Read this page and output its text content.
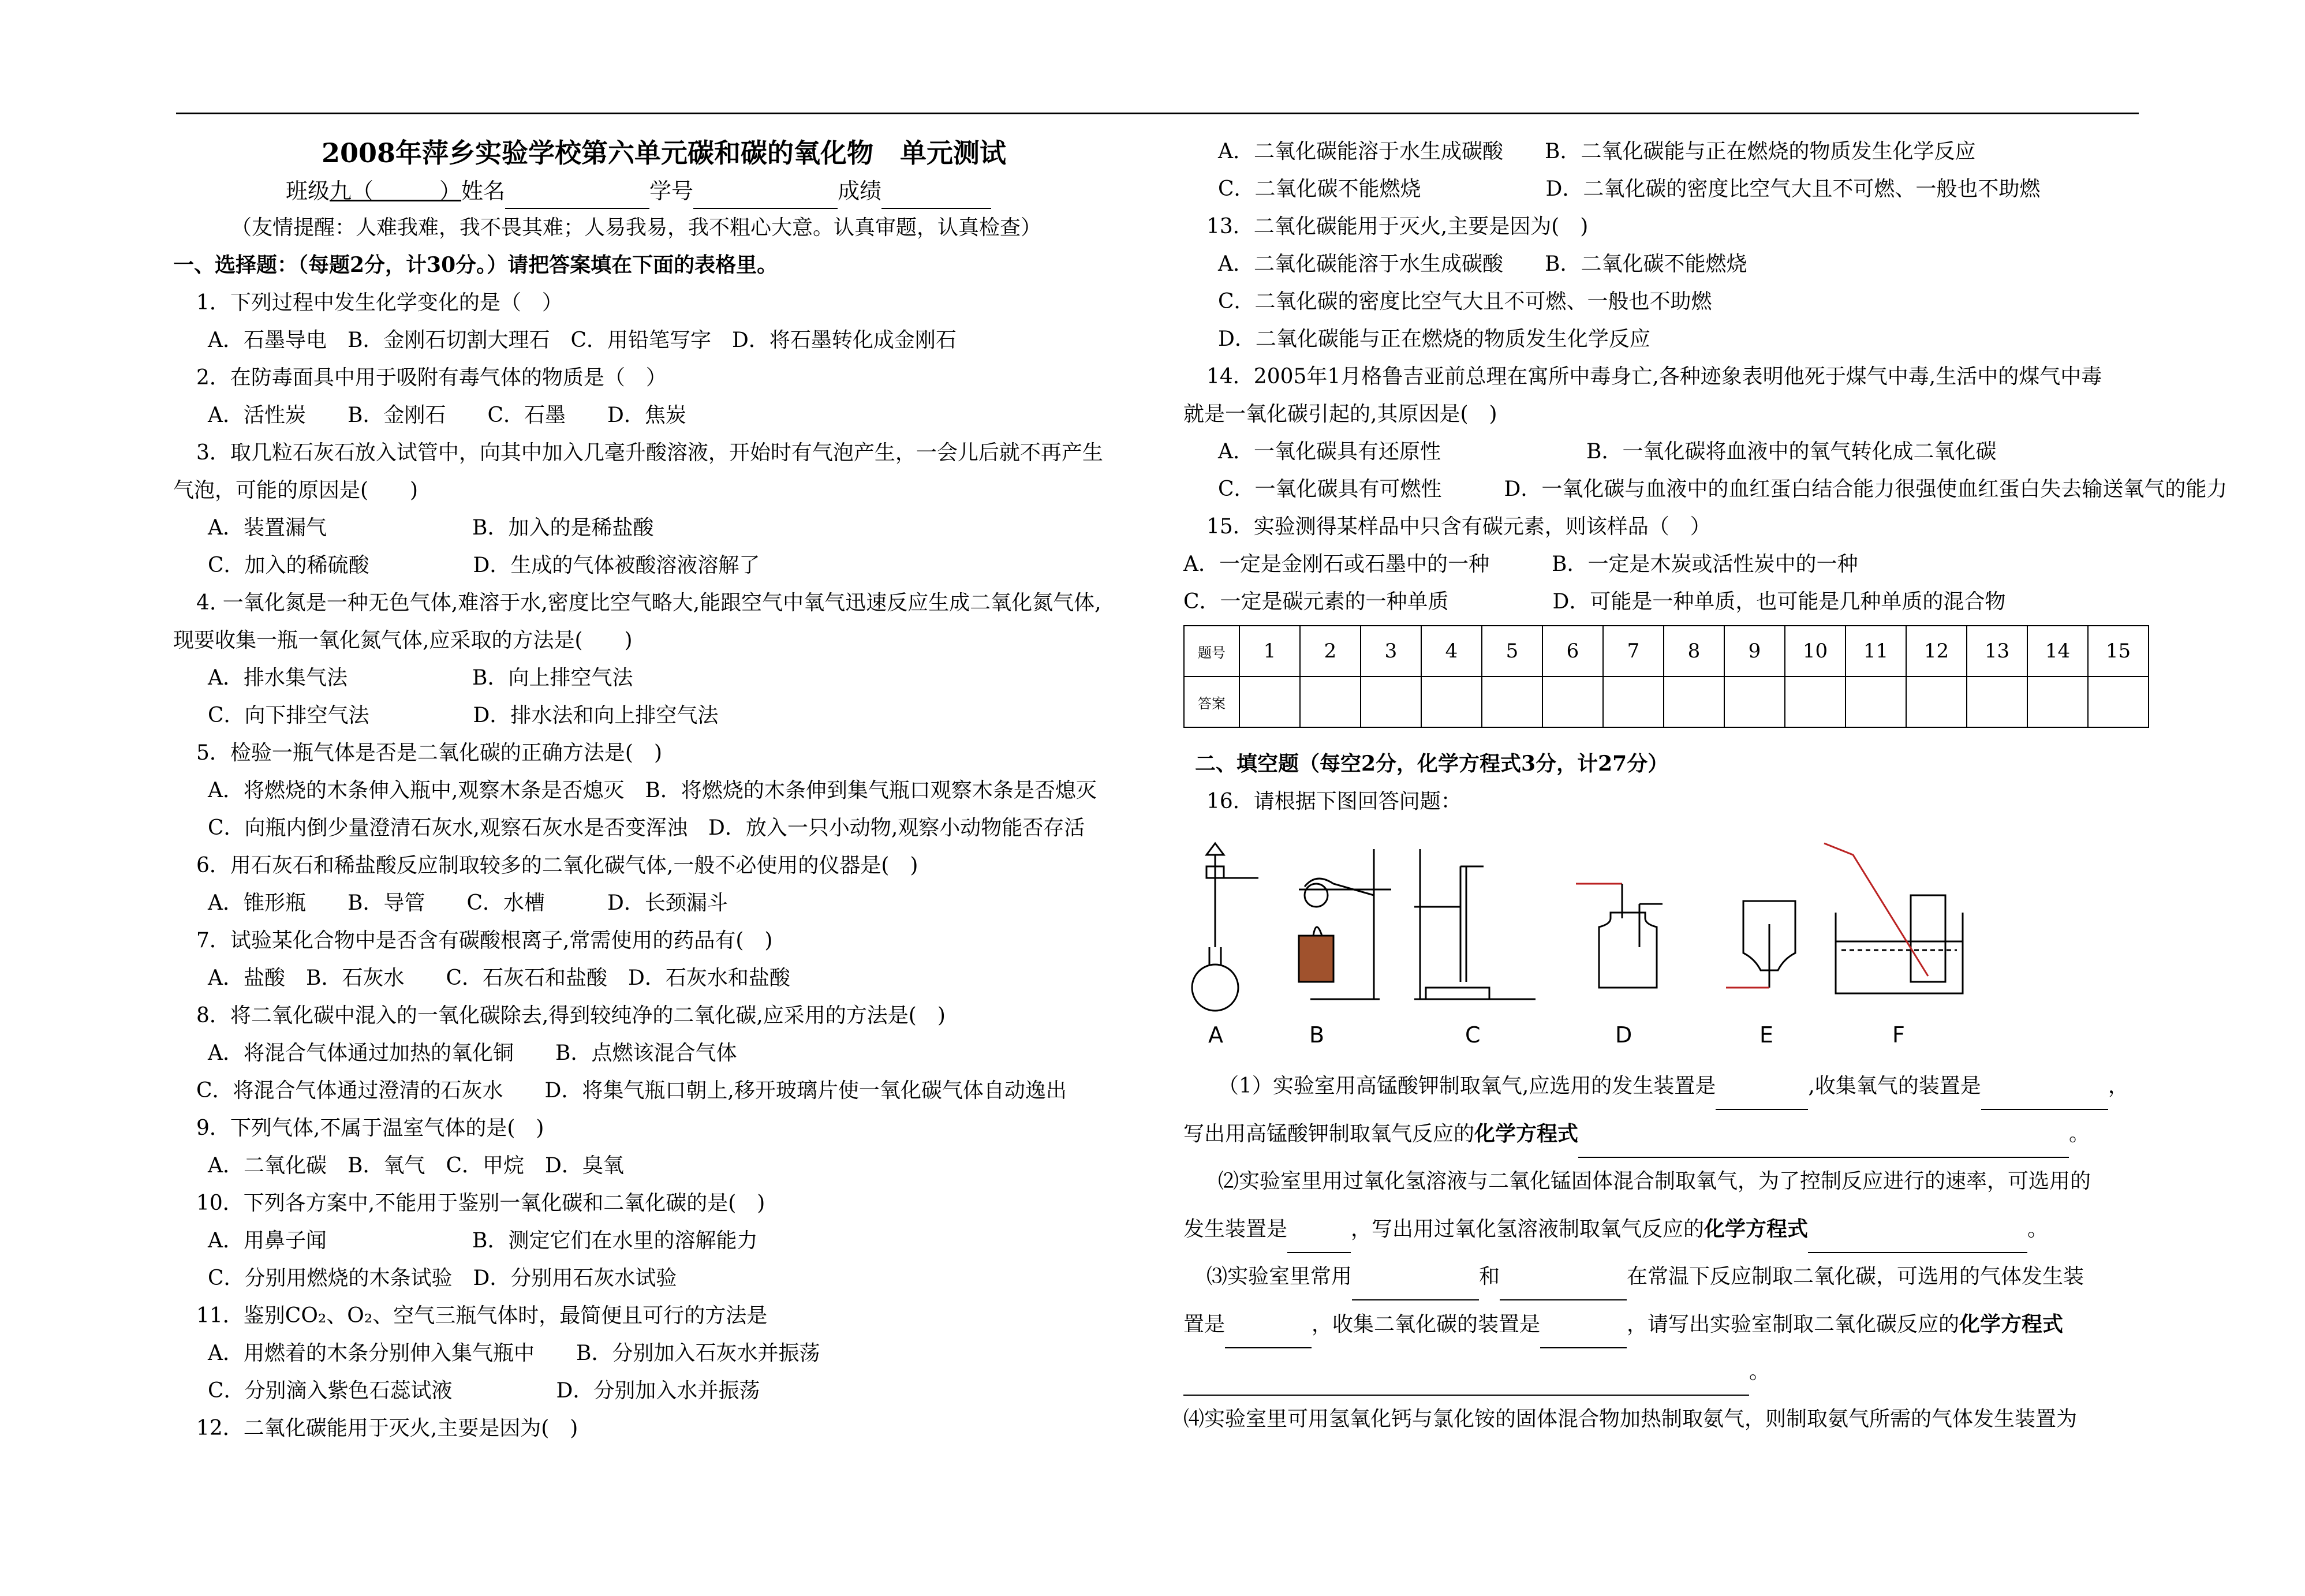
2008年萍乡实验学校第六单元碳和碳的氧化物　单元测试
班级九（　　　）姓名	学号	成绩
（友情提醒：人难我难，我不畏其难；人易我易，我不粗心大意。认真审题，认真检查）
一、选择题：（每题2分，计30分。）请把答案填在下面的表格里。
1．下列过程中发生化学变化的是（　）
A．石墨导电　B．金刚石切割大理石　C．用铅笔写字　D．将石墨转化成金刚石
2．在防毒面具中用于吸附有毒气体的物质是（　）
A．活性炭　　B．金刚石　　C．石墨　　D．焦炭
3．取几粒石灰石放入试管中，向其中加入几毫升酸溶液，开始时有气泡产生，一会儿后就不再产生
气泡，可能的原因是(　　)
A．装置漏气　　　　　　　B．加入的是稀盐酸
C．加入的稀硫酸　　　　　D．生成的气体被酸溶液溶解了
4. 一氧化氮是一种无色气体,难溶于水,密度比空气略大,能跟空气中氧气迅速反应生成二氧化氮气体,
现要收集一瓶一氧化氮气体,应采取的方法是(　　)
A．排水集气法　　　　　　B．向上排空气法
C．向下排空气法　　　　　D．排水法和向上排空气法
5．检验一瓶气体是否是二氧化碳的正确方法是(　)
A．将燃烧的木条伸入瓶中,观察木条是否熄灭　B．将燃烧的木条伸到集气瓶口观察木条是否熄灭
C．向瓶内倒少量澄清石灰水,观察石灰水是否变浑浊　D．放入一只小动物,观察小动物能否存活
6．用石灰石和稀盐酸反应制取较多的二氧化碳气体,一般不必使用的仪器是(　)
A．锥形瓶　　B．导管　　C．水槽　　　D．长颈漏斗
7．试验某化合物中是否含有碳酸根离子,常需使用的药品有(　)
A．盐酸　B．石灰水　　C．石灰石和盐酸　D．石灰水和盐酸
8．将二氧化碳中混入的一氧化碳除去,得到较纯净的二氧化碳,应采用的方法是(　)
A．将混合气体通过加热的氧化铜　　B．点燃该混合气体
C．将混合气体通过澄清的石灰水　　D．将集气瓶口朝上,移开玻璃片使一氧化碳气体自动逸出
9．下列气体,不属于温室气体的是(　)
A．二氧化碳　B．氧气　C．甲烷　D．臭氧
10．下列各方案中,不能用于鉴别一氧化碳和二氧化碳的是(　)
A．用鼻子闻　　　　　　　B．测定它们在水里的溶解能力
C．分别用燃烧的木条试验　D．分别用石灰水试验
11．鉴别CO₂、O₂、空气三瓶气体时，最简便且可行的方法是
A．用燃着的木条分别伸入集气瓶中　　B．分别加入石灰水并振荡
C．分别滴入紫色石蕊试液　　　　　D．分别加入水并振荡
12．二氧化碳能用于灭火,主要是因为(　)
A．二氧化碳能溶于水生成碳酸　　B．二氧化碳能与正在燃烧的物质发生化学反应
C．二氧化碳不能燃烧　　　　　　D．二氧化碳的密度比空气大且不可燃、一般也不助燃
13．二氧化碳能用于灭火,主要是因为(　)
A．二氧化碳能溶于水生成碳酸　　B．二氧化碳不能燃烧
C．二氧化碳的密度比空气大且不可燃、一般也不助燃
D．二氧化碳能与正在燃烧的物质发生化学反应
14．2005年1月格鲁吉亚前总理在寓所中毒身亡,各种迹象表明他死于煤气中毒,生活中的煤气中毒
就是一氧化碳引起的,其原因是(　)
A．一氧化碳具有还原性　　　　　　　B．一氧化碳将血液中的氧气转化成二氧化碳
C．一氧化碳具有可燃性　　　D．一氧化碳与血液中的血红蛋白结合能力很强使血红蛋白失去输送氧气的能力
15．实验测得某样品中只含有碳元素，则该样品（　）
A．一定是金刚石或石墨中的一种　　　B．一定是木炭或活性炭中的一种
C．一定是碳元素的一种单质　　　　　D．可能是一种单质，也可能是几种单质的混合物
题号	1	2	3	4	5	6	7	8	9	10	11	12	13	14	15
答案															
二、填空题（每空2分，化学方程式3分，计27分）
16．请根据下图回答问题：
A	B	C	D	E	F
（1）实验室用高锰酸钾制取氧气,应选用的发生装置是	,收集氧气的装置是	，
写出用高锰酸钾制取氧气反应的化学方程式	。
⑵实验室里用过氧化氢溶液与二氧化锰固体混合制取氧气，为了控制反应进行的速率，可选用的
发生装置是	，写出用过氧化氢溶液制取氧气反应的化学方程式	。
⑶实验室里常用	和	在常温下反应制取二氧化碳，可选用的气体发生装
置是	，收集二氧化碳的装置是	，请写出实验室制取二氧化碳反应的化学方程式
。
⑷实验室里可用氢氧化钙与氯化铵的固体混合物加热制取氨气，则制取氨气所需的气体发生装置为
